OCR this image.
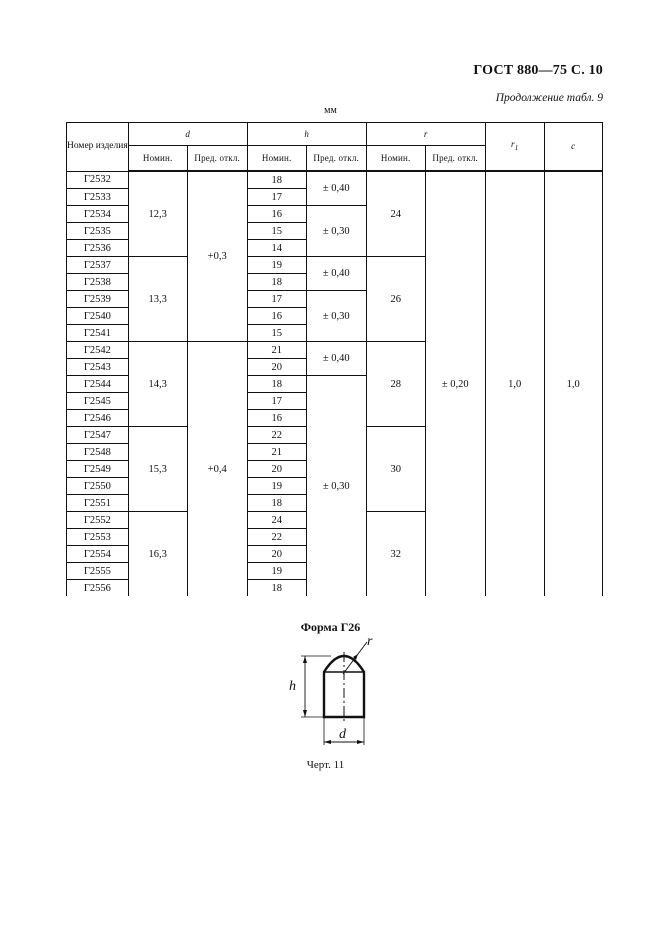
ГОСТ 880—75 С. 10
Продолжение табл. 9
мм
Номер изделия	d		h		r		$r_1$	c
	Номин.	Пред. откл.	Номин.	Пред. откл.	Номин.	Пред. откл.		
Г2532	12,3	+0,3	18	± 0,40	24	± 0,20	1,0	1,0
Г2533			17					
Г2534			16	± 0,30				
Г2535			15					
Г2536			14					
Г2537	13,3		19	± 0,40	26			
Г2538			18					
Г2539			17	± 0,30				
Г2540			16					
Г2541			15					
Г2542	14,3	+0,4	21	± 0,40	28			
Г2543			20					
Г2544			18	± 0,30				
Г2545			17					
Г2546			16					
Г2547	15,3		22		30			
Г2548			21					
Г2549			20					
Г2550			19					
Г2551			18					
Г2552	16,3		24		32			
Г2553			22					
Г2554			20					
Г2555			19					
Г2556			18					
Форма Г26
r
h
d
Черт. 11
